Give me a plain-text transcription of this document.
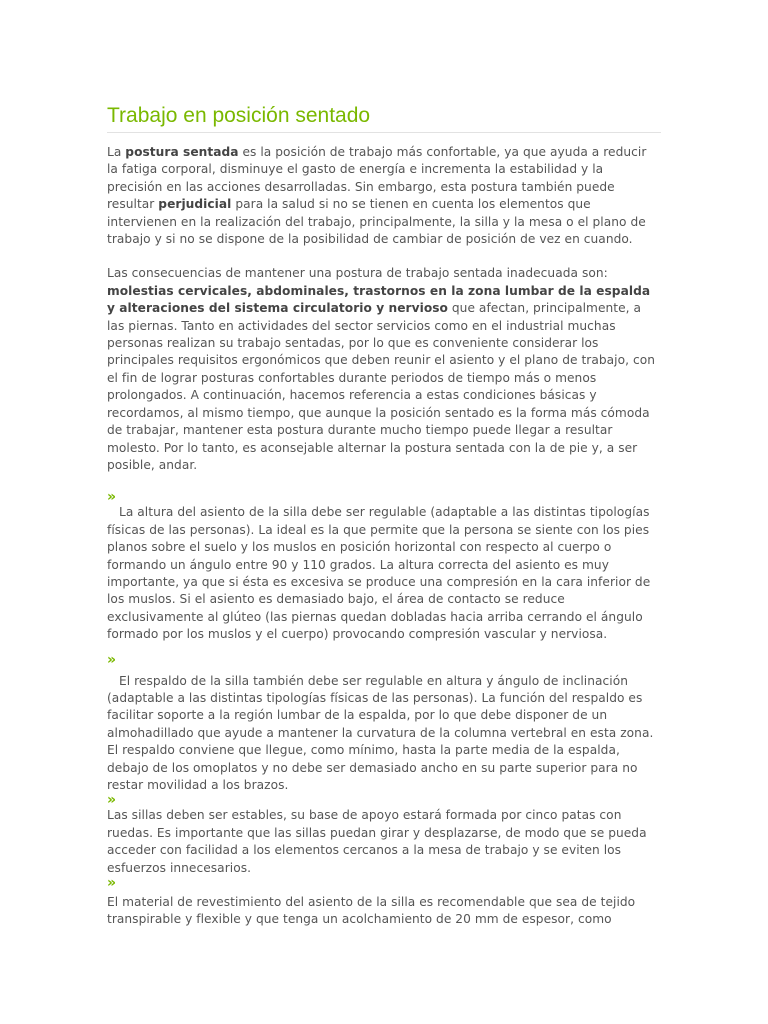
Trabajo en posición sentado

La postura sentada es la posición de trabajo más confortable, ya que ayuda a reducir la fatiga corporal, disminuye el gasto de energía e incrementa la estabilidad y la precisión en las acciones desarrolladas. Sin embargo, esta postura también puede resultar perjudicial para la salud si no se tienen en cuenta los elementos que intervienen en la realización del trabajo, principalmente, la silla y la mesa o el plano de trabajo y si no se dispone de la posibilidad de cambiar de posición de vez en cuando.

Las consecuencias de mantener una postura de trabajo sentada inadecuada son: molestias cervicales, abdominales, trastornos en la zona lumbar de la espalda y alteraciones del sistema circulatorio y nervioso que afectan, principalmente, a las piernas. Tanto en actividades del sector servicios como en el industrial muchas personas realizan su trabajo sentadas, por lo que es conveniente considerar los principales requisitos ergonómicos que deben reunir el asiento y el plano de trabajo, con el fin de lograr posturas confortables durante periodos de tiempo más o menos prolongados. A continuación, hacemos referencia a estas condiciones básicas y recordamos, al mismo tiempo, que aunque la posición sentado es la forma más cómoda de trabajar, mantener esta postura durante mucho tiempo puede llegar a resultar molesto. Por lo tanto, es aconsejable alternar la postura sentada con la de pie y, a ser posible, andar.

»

La altura del asiento de la silla debe ser regulable (adaptable a las distintas tipologías físicas de las personas). La ideal es la que permite que la persona se siente con los pies planos sobre el suelo y los muslos en posición horizontal con respecto al cuerpo o formando un ángulo entre 90 y 110 grados. La altura correcta del asiento es muy importante, ya que si ésta es excesiva se produce una compresión en la cara inferior de los muslos. Si el asiento es demasiado bajo, el área de contacto se reduce exclusivamente al glúteo (las piernas quedan dobladas hacia arriba cerrando el ángulo formado por los muslos y el cuerpo) provocando compresión vascular y nerviosa.

»

El respaldo de la silla también debe ser regulable en altura y ángulo de inclinación (adaptable a las distintas tipologías físicas de las personas). La función del respaldo es facilitar soporte a la región lumbar de la espalda, por lo que debe disponer de un almohadillado que ayude a mantener la curvatura de la columna vertebral en esta zona. El respaldo conviene que llegue, como mínimo, hasta la parte media de la espalda, debajo de los omoplatos y no debe ser demasiado ancho en su parte superior para no restar movilidad a los brazos.

»

Las sillas deben ser estables, su base de apoyo estará formada por cinco patas con ruedas. Es importante que las sillas puedan girar y desplazarse, de modo que se pueda acceder con facilidad a los elementos cercanos a la mesa de trabajo y se eviten los esfuerzos innecesarios.

»

El material de revestimiento del asiento de la silla es recomendable que sea de tejido transpirable y flexible y que tenga un acolchamiento de 20 mm de espesor, como
